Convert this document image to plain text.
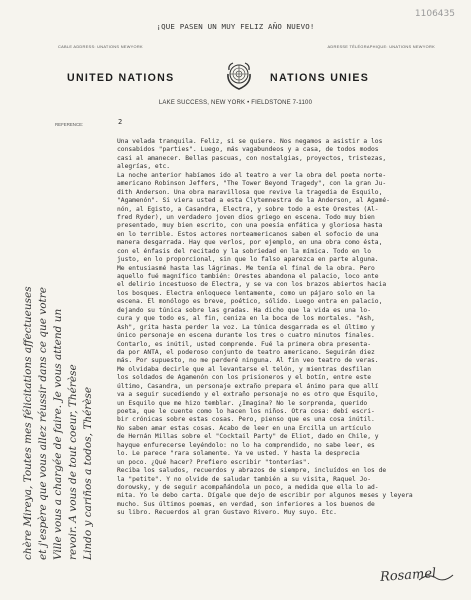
1106435
¡QUE PASEN UN MUY FELIZ AÑO NUEVO!
CABLE ADDRESS: UNATIONS NEWYORK	ADRESSE TÉLÉGRAPHIQUE: UNATIONS NEWYORK
UNITED NATIONS	NATIONS UNIES
LAKE SUCCESS, NEW YORK • FIELDSTONE 7-1100
REFERENCE:	2
Una velada tranquila. Feliz, si se quiere. Nos negamos a asistir a los
consabidos "parties". Luego, más vagabundeos y a casa, de todos modos
casi al amanecer. Bellas pascuas, con nostalgias, proyectos, tristezas,
alegrías, etc.
La noche anterior habíamos ido al teatro a ver la obra del poeta norte-
americano Robinson Jeffers, "The Tower Beyond Tragedy", con la gran Ju-
dith Anderson. Una obra maravillosa que revive la tragedia de Esquilo,
"Agamenón". Si viera usted a esta Clytemnestra de la Anderson, al Agamé-
nón, al Egisto, a Casandra, Electra, y sobre todo a este Orestes (Al-
fred Ryder), un verdadero joven dios griego en escena. Todo muy bien
presentado, muy bien escrito, con una poesía enfática y gloriosa hasta
en lo terrible. Estos actores norteamericanos saben el sofocio de una
manera desgarrada. Hay que verlos, por ejemplo, en una obra como ésta,
con el énfasis del recitado y la sobriedad en la mímica. Todo en lo
justo, en lo proporcional, sin que lo falso aparezca en parte alguna.
Me entusiasmé hasta las lágrimas. Me tenía el final de la obra. Pero
aquello fué magnífico también: Orestes abandona el palacio, loco ante
el delirio incestuoso de Electra, y se va con los brazos abiertos hacia
los bosques. Electra enloquece lentamente, como un pájaro solo en la
escena. El monólogo es breve, poético, sólido. Luego entra en palacio,
dejando su túnica sobre las gradas. Ha dicho que la vida es una lo-
cura y que todo es, al fin, ceniza en la boca de los mortales. "Ash,
Ash", grita hasta perder la voz. La túnica desgarrada es el último y
único personaje en escena durante los tres o cuatro minutos finales.
Contarlo, es inútil, usted comprende. Fué la primera obra presenta-
da por ANTA, el poderoso conjunto de teatro americano. Seguirán diez
más. Por supuesto, no me perderé ninguna. Al fin veo teatro de veras.
Me olvidaba decirle que al levantarse el telón, y mientras desfilan
los soldados de Agamenón con los prisioneros y el botín, entre este
último, Casandra, un personaje extraño prepara el ánimo para que allí
va a seguir sucediendo y el extraño personaje no es otro que Esquilo,
un Esquilo que me hizo temblar. ¿Imagina? No le sorprenda, querido
poeta, que le cuente como lo hacen los niños. Otra cosa: debí escri-
bir crónicas sobre estas cosas. Pero, pienso que es una cosa inútil.
No saben amar estas cosas. Acabo de leer en una Ercilla un artículo
de Hernán Millas sobre el "Cocktail Party" de Eliot, dado en Chile, y
hayque enfurecerse leyéndolo: no lo ha comprendido, no sabe leer, es
lo. Le parece "rara solamente. Ya ve usted. Y hasta la desprecia
un poco. ¿Qué hacer? Prefiero escribir "tonterías".
Reciba los saludos, recuerdos y abrazos de siempre, incluídos en los de
la "petite". Y no olvide de saludar también a su visita, Raquel Jo-
dorowsky, y de seguir acompañándola un poco, a medida que ella lo ad-
mita. Yo le debo carta. Dígale que dejo de escribir por algunos meses y leyera
mucho. Sus últimos poemas, en verdad, son inferiores a los buenos de
su libro. Recuerdos al gran Gustavo Rivero. Muy suyo. Etc.
chère Mireya, Toutes mes félicitations affectueuses et j'espère que vous allez réussir dans ce que votre Ville vous a chargée de faire. Je vous attend un revoir. A vous de tout coeur, Thérèse Lindo y cariños a todos, Thérèse
Rosamel
